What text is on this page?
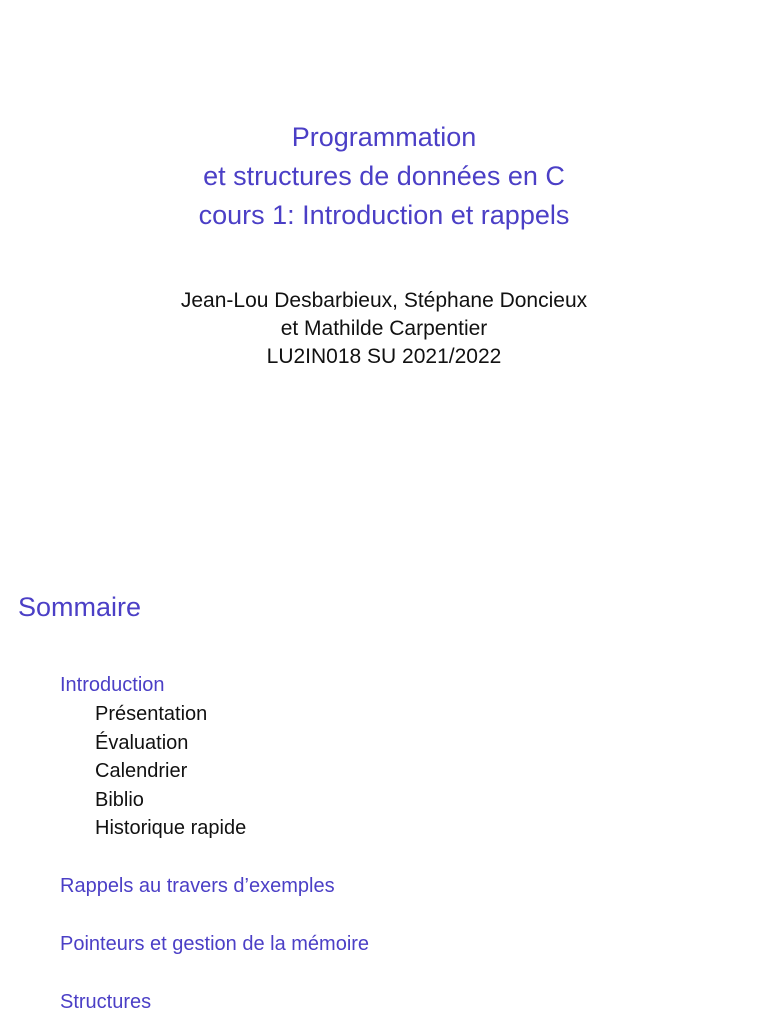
Programmation
et structures de données en C
cours 1: Introduction et rappels
Jean-Lou Desbarbieux, Stéphane Doncieux
et Mathilde Carpentier
LU2IN018 SU 2021/2022
Sommaire
Introduction
Présentation
Évaluation
Calendrier
Biblio
Historique rapide
Rappels au travers d’exemples
Pointeurs et gestion de la mémoire
Structures
